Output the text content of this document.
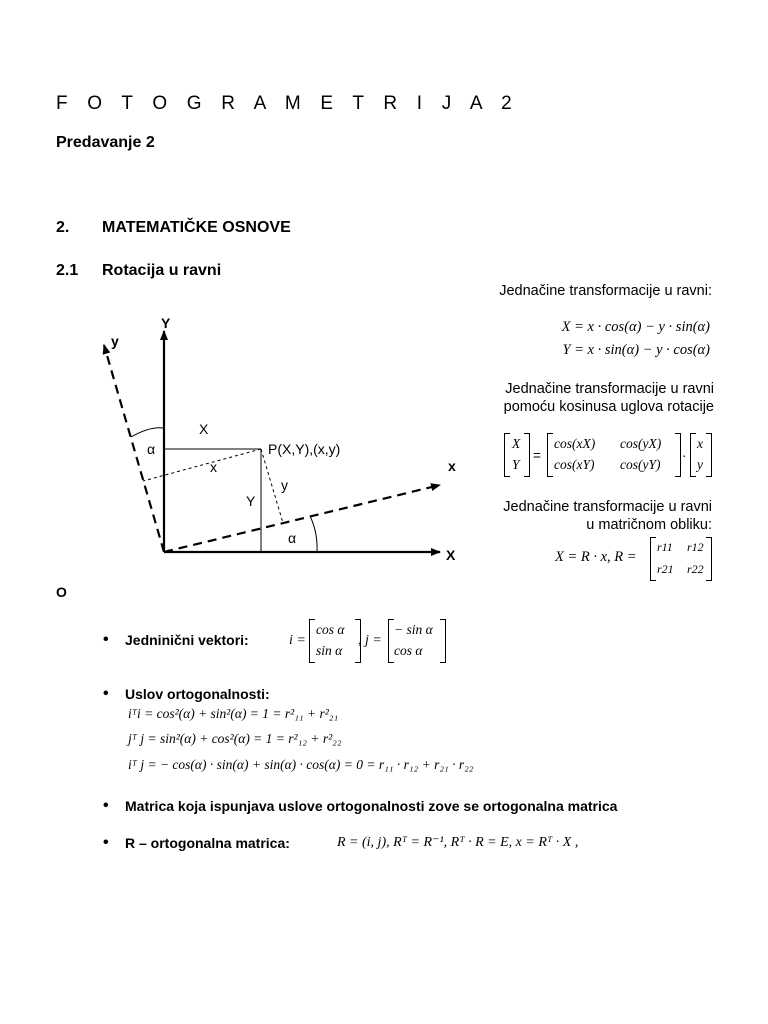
F O T O G R A M E T R I J A 2
Predavanje 2
2. MATEMATIČKE OSNOVE
2.1 Rotacija u ravni
Jednačine transformacije u ravni:
X = x · cos(α) − y · sin(α)
Y = x · sin(α) − y · cos(α)
Jednačine transformacije u ravni
pomoću kosinusa uglova rotacije
X
Y
=
cos(xX) cos(yX)
cos(xY) cos(yY)
·
x
y
Jednačine transformacije u ravni
u matričnom obliku:
X = R · x, R =
r11 r12
r21 r22
Y
X
y
x
P(X,Y),(x,y)
X
x
Y
y
α
α
O
• Jedninični vektori:	i =
cos α
sin α
, j =
− sin α
cos α
• Uslov ortogonalnosti:
iᵀi = cos²(α) + sin²(α) = 1 = r²₁₁ + r²₂₁
jᵀ j = sin²(α) + cos²(α) = 1 = r²₁₂ + r²₂₂
iᵀ j = − cos(α) · sin(α) + sin(α) · cos(α) = 0 = r₁₁ · r₁₂ + r₂₁ · r₂₂
• Matrica koja ispunjava uslove ortogonalnosti zove se ortogonalna matrica
• R – ortogonalna matrica:	R = (i, j), Rᵀ = R⁻¹, Rᵀ · R = E, x = Rᵀ · X ,
